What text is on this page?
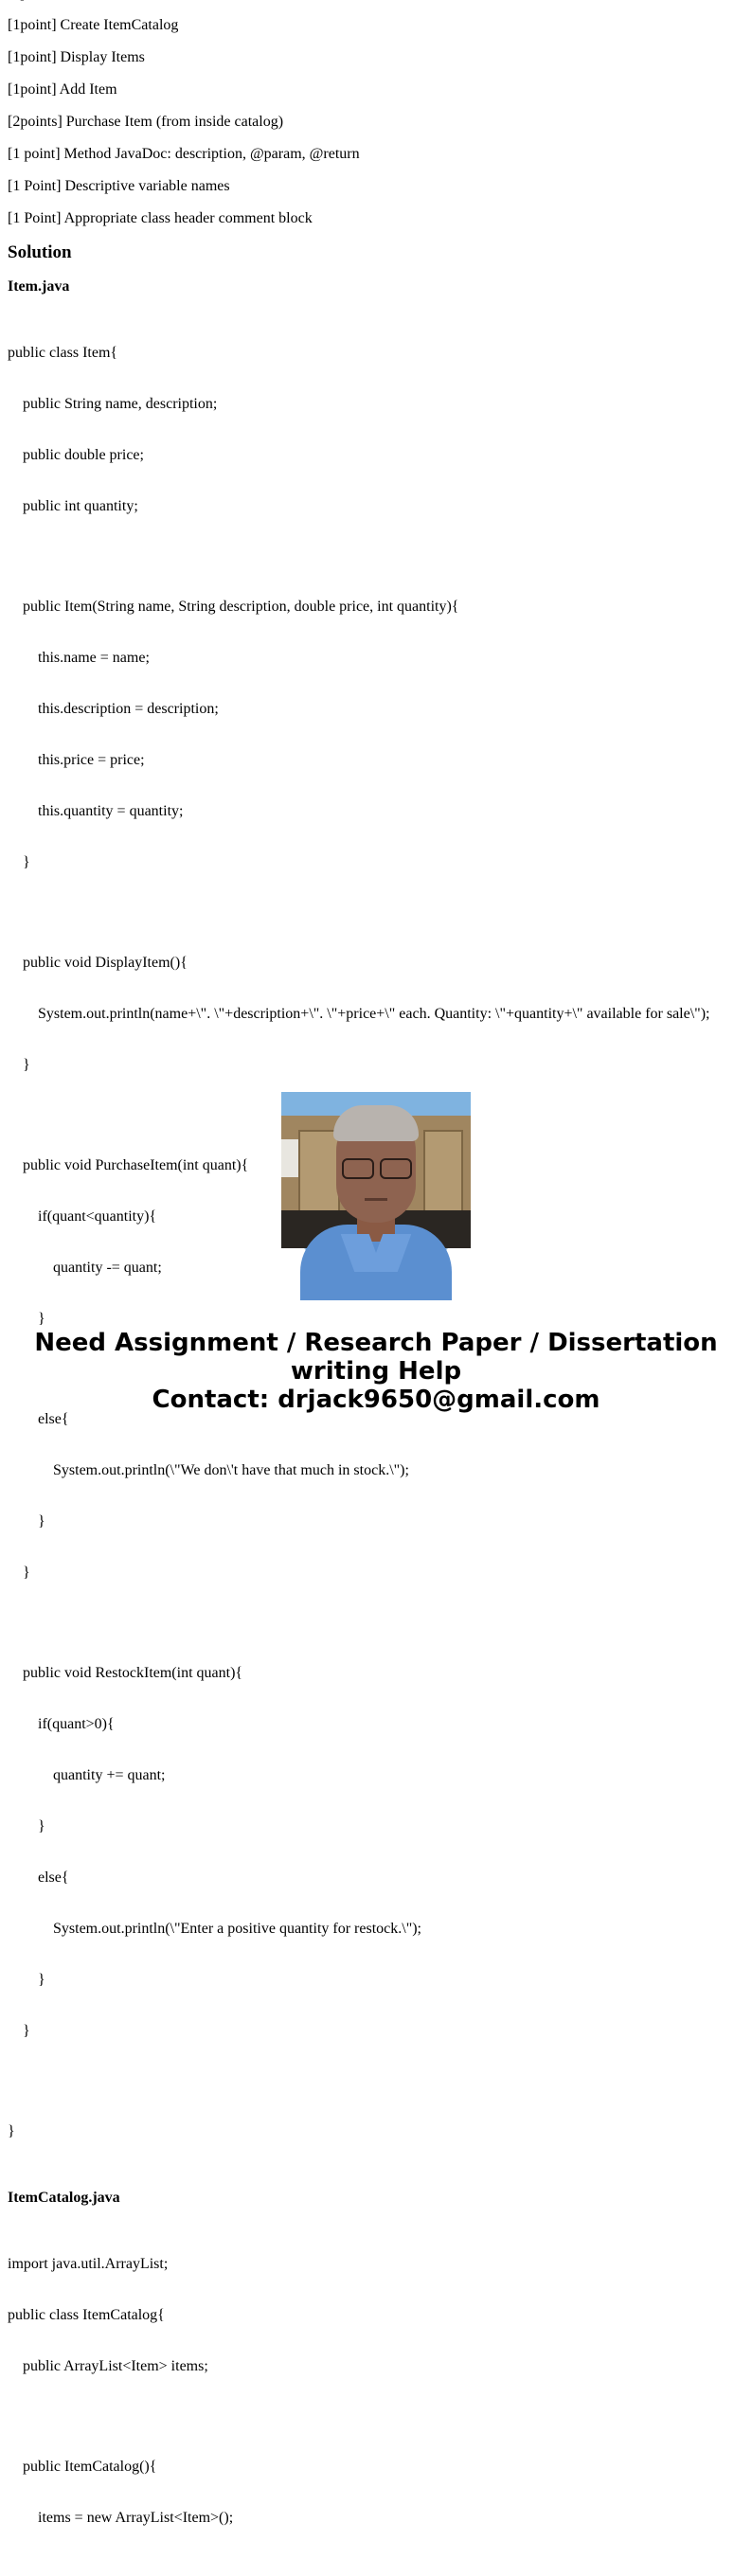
[1point] Create ItemCatalog

[1point] Display Items

[1point] Add Item

[2points] Purchase Item (from inside catalog)

[1 point] Method JavaDoc: description, @param, @return

[1 Point] Descriptive variable names

[1 Point] Appropriate class header comment block

Solution
Item.java

public class Item{

public String name, description;

public double price;

public int quantity;

public Item(String name, String description, double price, int quantity){

this.name = name;

this.description = description;

this.price = price;

this.quantity = quantity;

}

public void DisplayItem(){

System.out.println(name+\". \"+description+\". \"+price+\" each. Quantity: \"+quantity+\" available for sale\");

}

public void PurchaseItem(int quant){

if(quant<quantity){

quantity -= quant;

}

else{

System.out.println(\"We don\'t have that much in stock.\");

}

}

public void RestockItem(int quant){

if(quant>0){

quantity += quant;

}

else{

System.out.println(\"Enter a positive quantity for restock.\");

}

}

}

ItemCatalog.java

import java.util.ArrayList;

public class ItemCatalog{

public ArrayList<Item> items;

public ItemCatalog(){

items = new ArrayList<Item>();

Need Assignment / Research Paper / Dissertation
writing Help
Contact: drjack9650@gmail.com
